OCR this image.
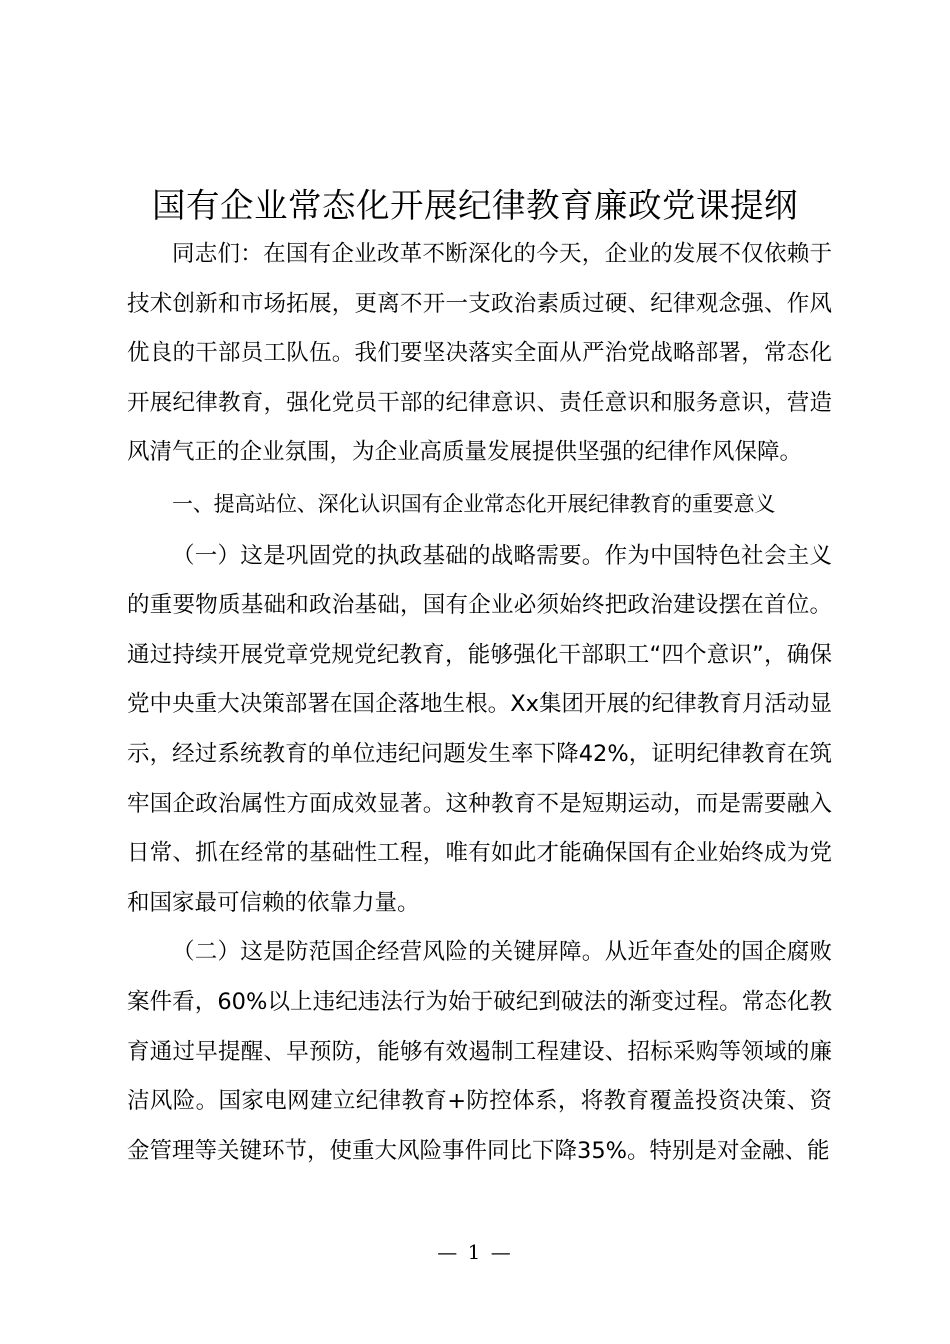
国有企业常态化开展纪律教育廉政党课提纲

同志们：在国有企业改革不断深化的今天，企业的发展不仅依赖于技术创新和市场拓展，更离不开一支政治素质过硬、纪律观念强、作风优良的干部员工队伍。我们要坚决落实全面从严治党战略部署，常态化开展纪律教育，强化党员干部的纪律意识、责任意识和服务意识，营造风清气正的企业氛围，为企业高质量发展提供坚强的纪律作风保障。

一、提高站位、深化认识国有企业常态化开展纪律教育的重要意义

（一）这是巩固党的执政基础的战略需要。作为中国特色社会主义的重要物质基础和政治基础，国有企业必须始终把政治建设摆在首位。通过持续开展党章党规党纪教育，能够强化干部职工“四个意识”，确保党中央重大决策部署在国企落地生根。Xx集团开展的纪律教育月活动显示，经过系统教育的单位违纪问题发生率下降42%，证明纪律教育在筑牢国企政治属性方面成效显著。这种教育不是短期运动，而是需要融入日常、抓在经常的基础性工程，唯有如此才能确保国有企业始终成为党和国家最可信赖的依靠力量。

（二）这是防范国企经营风险的关键屏障。从近年查处的国企腐败案件看，60%以上违纪违法行为始于破纪到破法的渐变过程。常态化教育通过早提醒、早预防，能够有效遏制工程建设、招标采购等领域的廉洁风险。国家电网建立纪律教育+防控体系，将教育覆盖投资决策、资金管理等关键环节，使重大风险事件同比下降35%。特别是对金融、能

— 1 —
